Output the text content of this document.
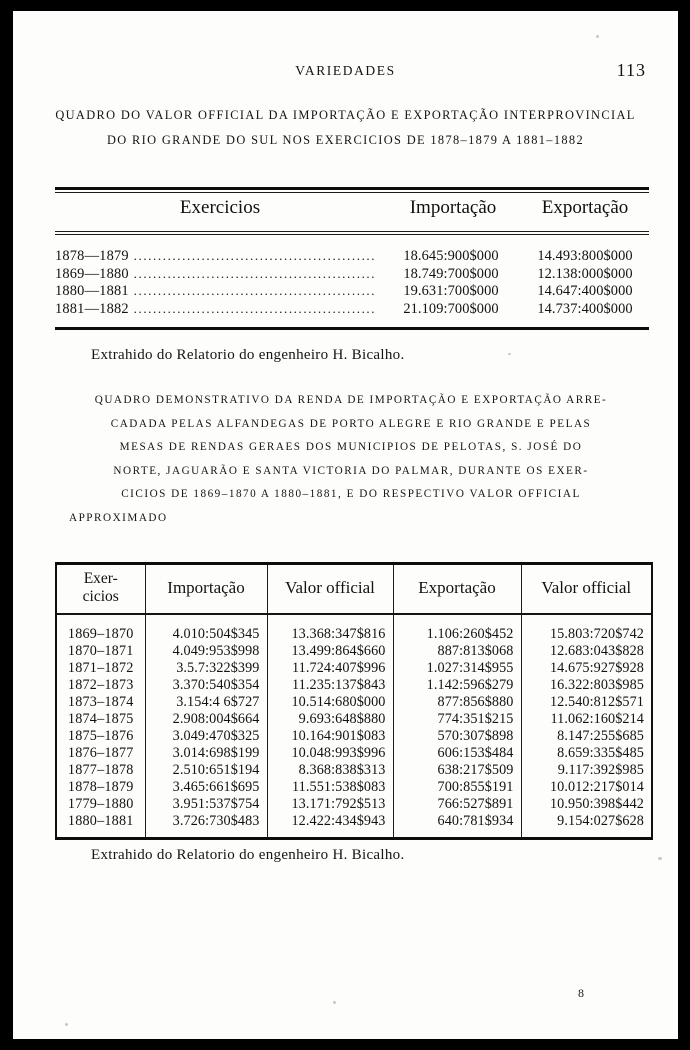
VARIEDADES	113
QUADRO DO VALOR OFFICIAL DA IMPORTAÇÃO E EXPORTAÇÃO INTERPROVINCIAL
DO RIO GRANDE DO SUL NOS EXERCICIOS DE 1878–1879 A 1881–1882
Exercicios	Importação	Exportação
1878—1879 ..................................................	18.645:900$000	14.493:800$000
1869—1880 ..................................................	18.749:700$000	12.138:000$000
1880—1881 ..................................................	19.631:700$000	14.647:400$000
1881—1882 ..................................................	21.109:700$000	14.737:400$000
Extrahido do Relatorio do engenheiro H. Bicalho.
QUADRO DEMONSTRATIVO DA RENDA DE IMPORTAÇÃO E EXPORTAÇÃO ARRE-
CADADA PELAS ALFANDEGAS DE PORTO ALEGRE E RIO GRANDE E PELAS
MESAS DE RENDAS GERAES DOS MUNICIPIOS DE PELOTAS, S. JOSÉ DO
NORTE, JAGUARÃO E SANTA VICTORIA DO PALMAR, DURANTE OS EXER-
CICIOS DE 1869–1870 A 1880–1881, E DO RESPECTIVO VALOR OFFICIAL
APPROXIMADO
Exer-
cicios	Importação	Valor official	Exportação	Valor official
1869–1870	4.010:504$345	13.368:347$816	1.106:260$452	15.803:720$742
1870–1871	4.049:953$998	13.499:864$660	887:813$068	12.683:043$828
1871–1872	3.5.7:322$399	11.724:407$996	1.027:314$955	14.675:927$928
1872–1873	3.370:540$354	11.235:137$843	1.142:596$279	16.322:803$985
1873–1874	3.154:4 6$727	10.514:680$000	877:856$880	12.540:812$571
1874–1875	2.908:004$664	9.693:648$880	774:351$215	11.062:160$214
1875–1876	3.049:470$325	10.164:901$083	570:307$898	8.147:255$685
1876–1877	3.014:698$199	10.048:993$996	606:153$484	8.659:335$485
1877–1878	2.510:651$194	8.368:838$313	638:217$509	9.117:392$985
1878–1879	3.465:661$695	11.551:538$083	700:855$191	10.012:217$014
1779–1880	3.951:537$754	13.171:792$513	766:527$891	10.950:398$442
1880–1881	3.726:730$483	12.422:434$943	640:781$934	9.154:027$628
Extrahido do Relatorio do engenheiro H. Bicalho.
8
